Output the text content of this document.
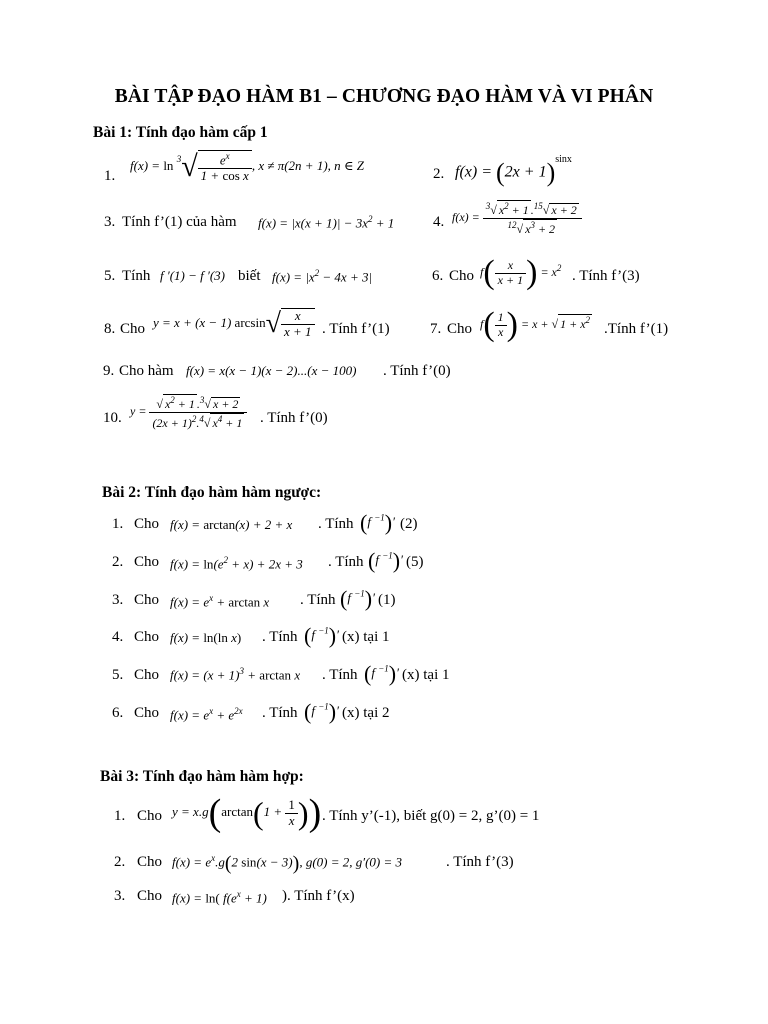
BÀI TẬP ĐẠO HÀM B1 – CHƯƠNG ĐẠO HÀM VÀ VI PHÂN
Bài 1: Tính đạo hàm cấp 1
1.
$f(x) = \ln ^3√ \frac{e^x}{\text{1 + cos x}}$ , x ≠ π(2n + 1), n ∈ Z
2. $f(x) = (2x + 1)^{sinx}$
3. Tính f’(1) của hàm $f(x) = |x(x + 1)| - 3x^2 + 1$	4. $f(x) = \frac{^3√ x^2 + 1 .^{15}√ x + 2}{^{12}√ x^3 + 2}$
5. Tính f ′(1) − f ′(3) biết $f(x) = |x^2 - 4x + 3|$	6. Cho $f( \frac{x}{x + 1}$ ) = $x^2$
. Tính f’(3)
8. Cho y = x + (x − 1) $\arcsin√ \frac{x}{x + 1}$ . Tính f’(1)	7. Cho $f( \frac{1}{x}$ ) = x + √ $1 + x^2$
.Tính f’(1)
9. Cho hàm f(x) = x(x − 1)(x − 2)...(x − 100) . Tính f’(0)
10. $y = \frac{√ x^2 + 1 .^3√ x + 2}{(2x + 1)^2.^4√ x^4 + 1}$ . Tính f’(0)
Bài 2: Tính đạo hàm hàm ngược:
1. Cho f(x) = arctan(x) + 2 + x . Tính (f $^{-1}$)′ (2)
2. Cho $f(x) = \ln(e^2 + x) + 2x + 3$ . Tính (f $^{-1}$)′ (5)
3. Cho $f(x) = e^x + \arctan x$ . Tính (f $^{-1}$)′ (1)
4. Cho f(x) = ln(ln x) . Tính (f $^{-1}$)′ (x) tại 1
5. Cho $f(x) = (x + 1)^3 + \arctan x$ . Tính (f $^{-1}$)′ (x) tại 1
6. Cho $f(x) = e^x + e^{2x}$ . Tính (f $^{-1}$)′ (x) tại 2
Bài 3: Tính đạo hàm hàm hợp:
1. Cho $y = x.g(\arctan(1 + \frac{1}{x}$ )) . Tính y’(-1), biết g(0) = 2, g’(0) = 1
2. Cho $f(x) = e^x.g(2$ sin(x − 3)), g(0) = 2, g′(0) = 3	. Tính f’(3)
3. Cho f(x) = ln( $f(e^x + 1)$ ). Tính f’(x)
